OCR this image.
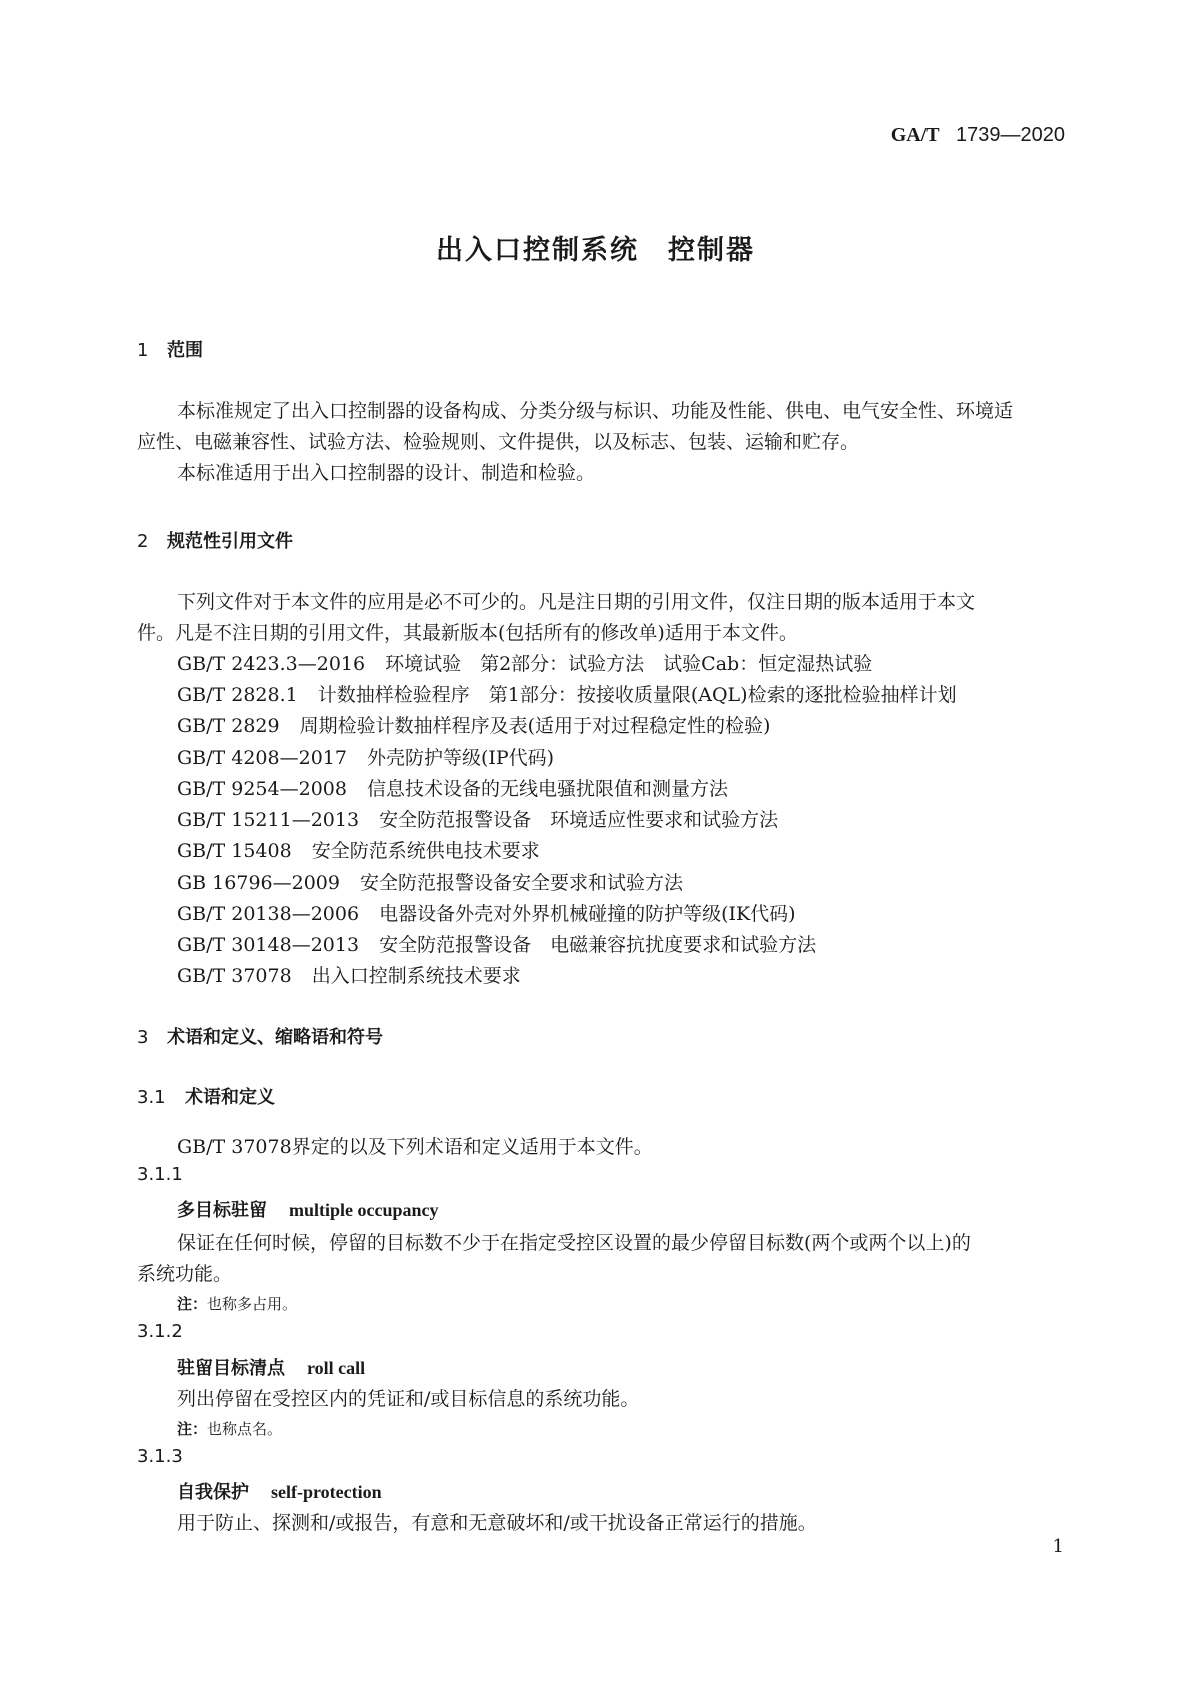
GA/T 1739—2020
出入口控制系统　控制器
1 范围
本标准规定了出入口控制器的设备构成、分类分级与标识、功能及性能、供电、电气安全性、环境适
应性、电磁兼容性、试验方法、检验规则、文件提供，以及标志、包装、运输和贮存。
本标准适用于出入口控制器的设计、制造和检验。
2 规范性引用文件
下列文件对于本文件的应用是必不可少的。凡是注日期的引用文件，仅注日期的版本适用于本文
件。凡是不注日期的引用文件，其最新版本(包括所有的修改单)适用于本文件。
GB/T 2423.3—2016 环境试验　第2部分：试验方法　试验Cab：恒定湿热试验
GB/T 2828.1 计数抽样检验程序　第1部分：按接收质量限(AQL)检索的逐批检验抽样计划
GB/T 2829 周期检验计数抽样程序及表(适用于对过程稳定性的检验)
GB/T 4208—2017 外壳防护等级(IP代码)
GB/T 9254—2008 信息技术设备的无线电骚扰限值和测量方法
GB/T 15211—2013 安全防范报警设备　环境适应性要求和试验方法
GB/T 15408 安全防范系统供电技术要求
GB 16796—2009 安全防范报警设备安全要求和试验方法
GB/T 20138—2006 电器设备外壳对外界机械碰撞的防护等级(IK代码)
GB/T 30148—2013 安全防范报警设备　电磁兼容抗扰度要求和试验方法
GB/T 37078 出入口控制系统技术要求
3 术语和定义、缩略语和符号
3.1 术语和定义
GB/T 37078界定的以及下列术语和定义适用于本文件。
3.1.1
多目标驻留 multiple occupancy
保证在任何时候，停留的目标数不少于在指定受控区设置的最少停留目标数(两个或两个以上)的
系统功能。
注：也称多占用。
3.1.2
驻留目标清点 roll call
列出停留在受控区内的凭证和/或目标信息的系统功能。
注：也称点名。
3.1.3
自我保护 self-protection
用于防止、探测和/或报告，有意和无意破坏和/或干扰设备正常运行的措施。
1
